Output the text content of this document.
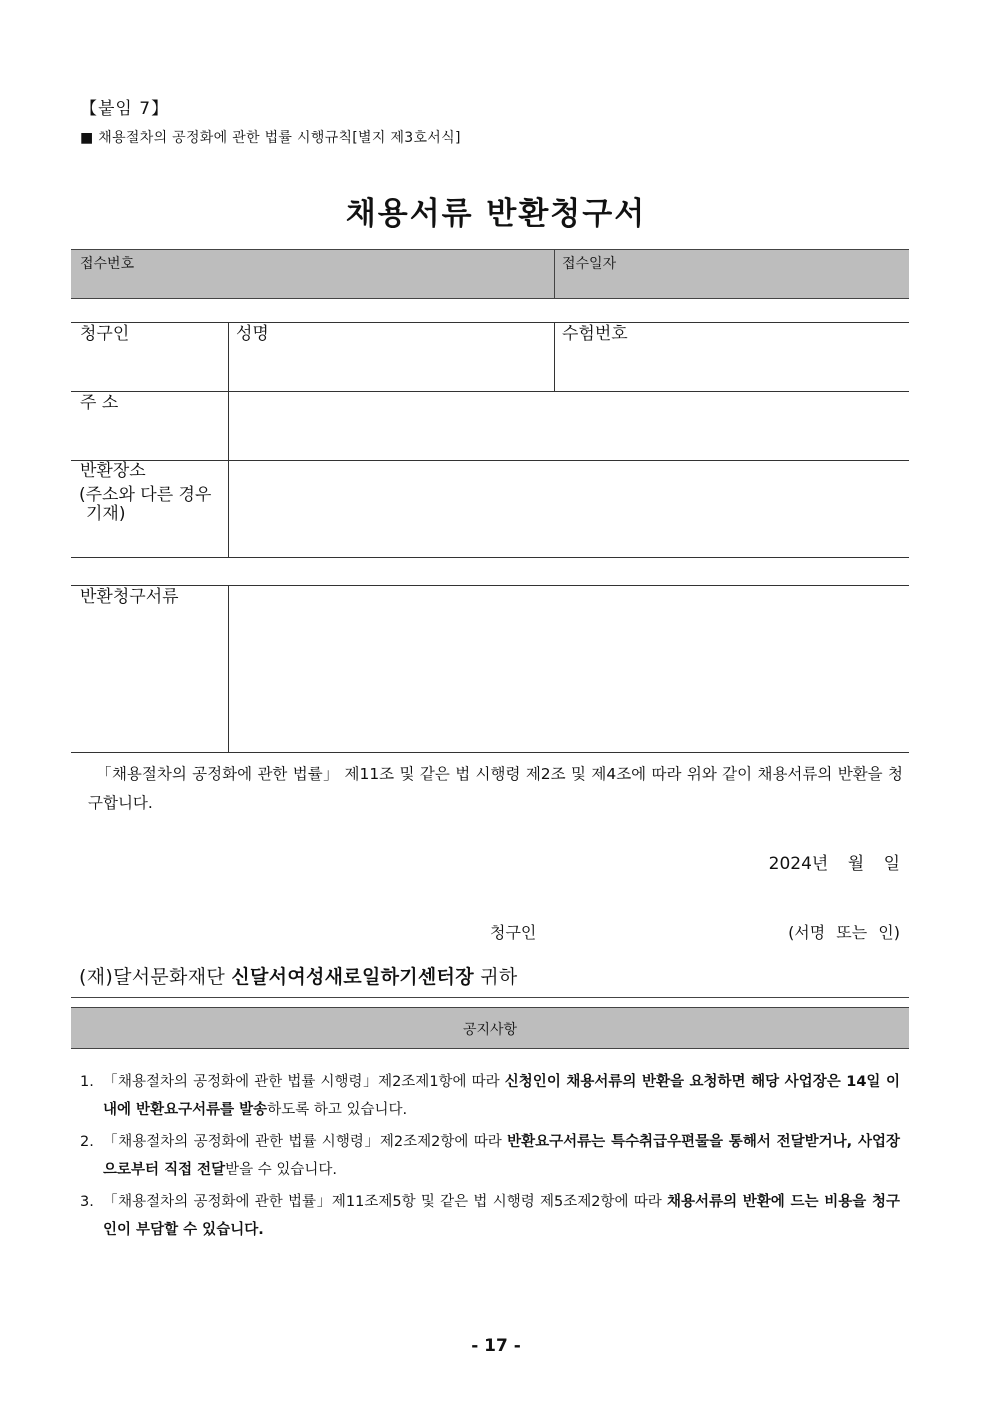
【붙임 7】
■ 채용절차의 공정화에 관한 법률 시행규칙[별지 제3호서식]
채용서류 반환청구서
접수번호	접수일자
청구인	성명	수험번호
주 소
반환장소
(주소와 다른 경우
기재)
반환청구서류
「채용절차의 공정화에 관한 법률」 제11조 및 같은 법 시행령 제2조 및 제4조에 따라 위와 같이 채용서류의 반환을 청구합니다.
2024년 월 일
청구인	(서명 또는 인)
(재)달서문화재단 신달서여성새로일하기센터장 귀하
공지사항
1. 「채용절차의 공정화에 관한 법률 시행령」제2조제1항에 따라 신청인이 채용서류의 반환을 요청하면 해당 사업장은 14일 이내에 반환요구서류를 발송하도록 하고 있습니다.
2. 「채용절차의 공정화에 관한 법률 시행령」제2조제2항에 따라 반환요구서류는 특수취급우편물을 통해서 전달받거나, 사업장으로부터 직접 전달받을 수 있습니다.
3. 「채용절차의 공정화에 관한 법률」제11조제5항 및 같은 법 시행령 제5조제2항에 따라 채용서류의 반환에 드는 비용을 청구인이 부담할 수 있습니다.
- 17 -
